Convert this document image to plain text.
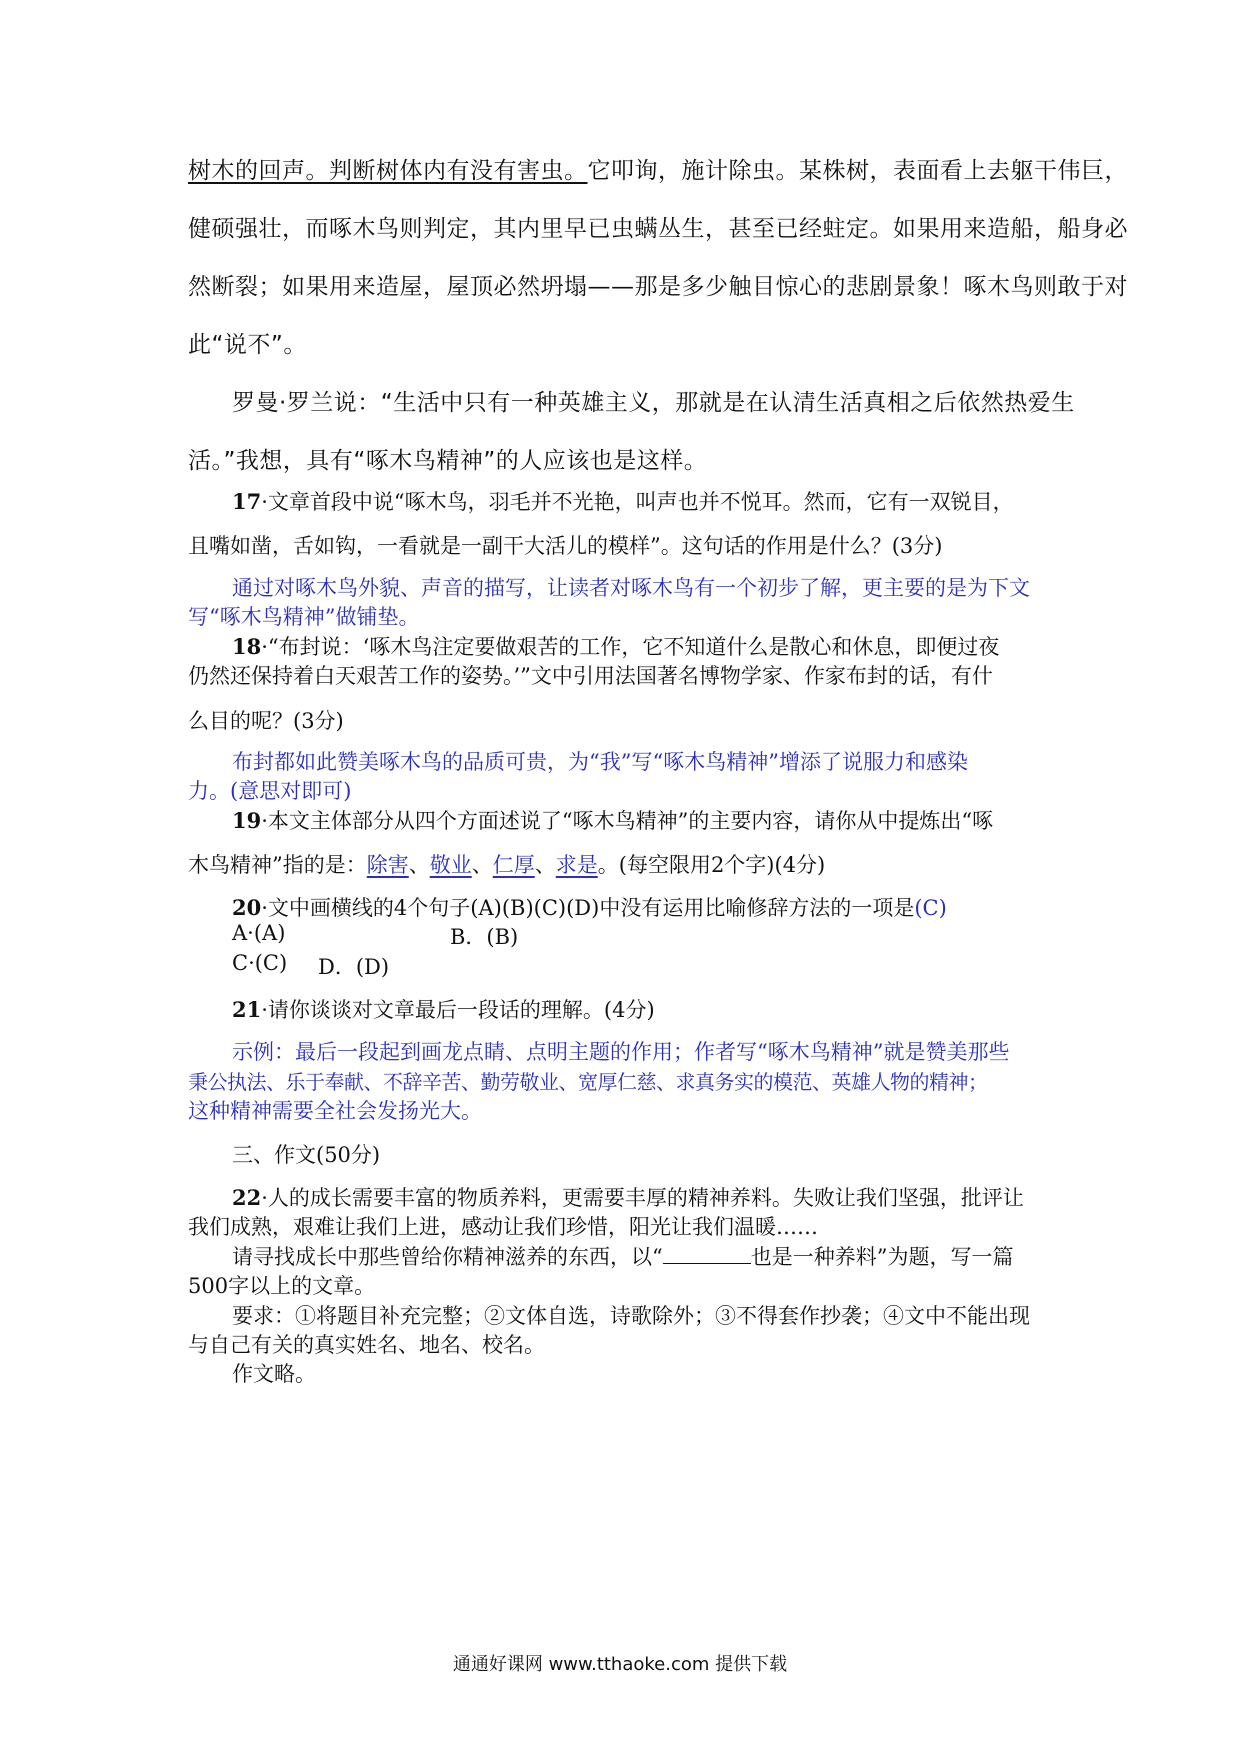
树木的回声。判断树体内有没有害虫。它叩询，施计除虫。某株树，表面看上去躯干伟巨，
健硕强壮，而啄木鸟则判定，其内里早已虫螨丛生，甚至已经蛀定。如果用来造船，船身必
然断裂；如果用来造屋，屋顶必然坍塌——那是多少触目惊心的悲剧景象！啄木鸟则敢于对
此“说不”。
罗曼·罗兰说：“生活中只有一种英雄主义，那就是在认清生活真相之后依然热爱生
活。”我想，具有“啄木鸟精神”的人应该也是这样。
17·文章首段中说“啄木鸟，羽毛并不光艳，叫声也并不悦耳。然而，它有一双锐目，
且嘴如凿，舌如钩，一看就是一副干大活儿的模样”。这句话的作用是什么？(3分)
通过对啄木鸟外貌、声音的描写，让读者对啄木鸟有一个初步了解，更主要的是为下文
写“啄木鸟精神”做铺垫。
18·“布封说：‘啄木鸟注定要做艰苦的工作，它不知道什么是散心和休息，即便过夜
仍然还保持着白天艰苦工作的姿势。’”文中引用法国著名博物学家、作家布封的话，有什
么目的呢？(3分)
布封都如此赞美啄木鸟的品质可贵，为“我”写“啄木鸟精神”增添了说服力和感染
力。(意思对即可)
19·本文主体部分从四个方面述说了“啄木鸟精神”的主要内容，请你从中提炼出“啄
木鸟精神”指的是：除害、敬业、仁厚、求是。(每空限用2个字)(4分)
20·文中画横线的4个句子(A)(B)(C)(D)中没有运用比喻修辞方法的一项是(C)
A·(A)	B．(B)
C·(C)	D．(D)
21·请你谈谈对文章最后一段话的理解。(4分)
示例：最后一段起到画龙点睛、点明主题的作用；作者写“啄木鸟精神”就是赞美那些
秉公执法、乐于奉献、不辞辛苦、勤劳敬业、宽厚仁慈、求真务实的模范、英雄人物的精神；
这种精神需要全社会发扬光大。
三、作文(50分)
22·人的成长需要丰富的物质养料，更需要丰厚的精神养料。失败让我们坚强，批评让
我们成熟，艰难让我们上进，感动让我们珍惜，阳光让我们温暖……
请寻找成长中那些曾给你精神滋养的东西，以“	也是一种养料”为题，写一篇
500字以上的文章。
要求：①将题目补充完整；②文体自选，诗歌除外；③不得套作抄袭；④文中不能出现
与自己有关的真实姓名、地名、校名。
作文略。
通通好课网 www.tthaoke.com 提供下载
